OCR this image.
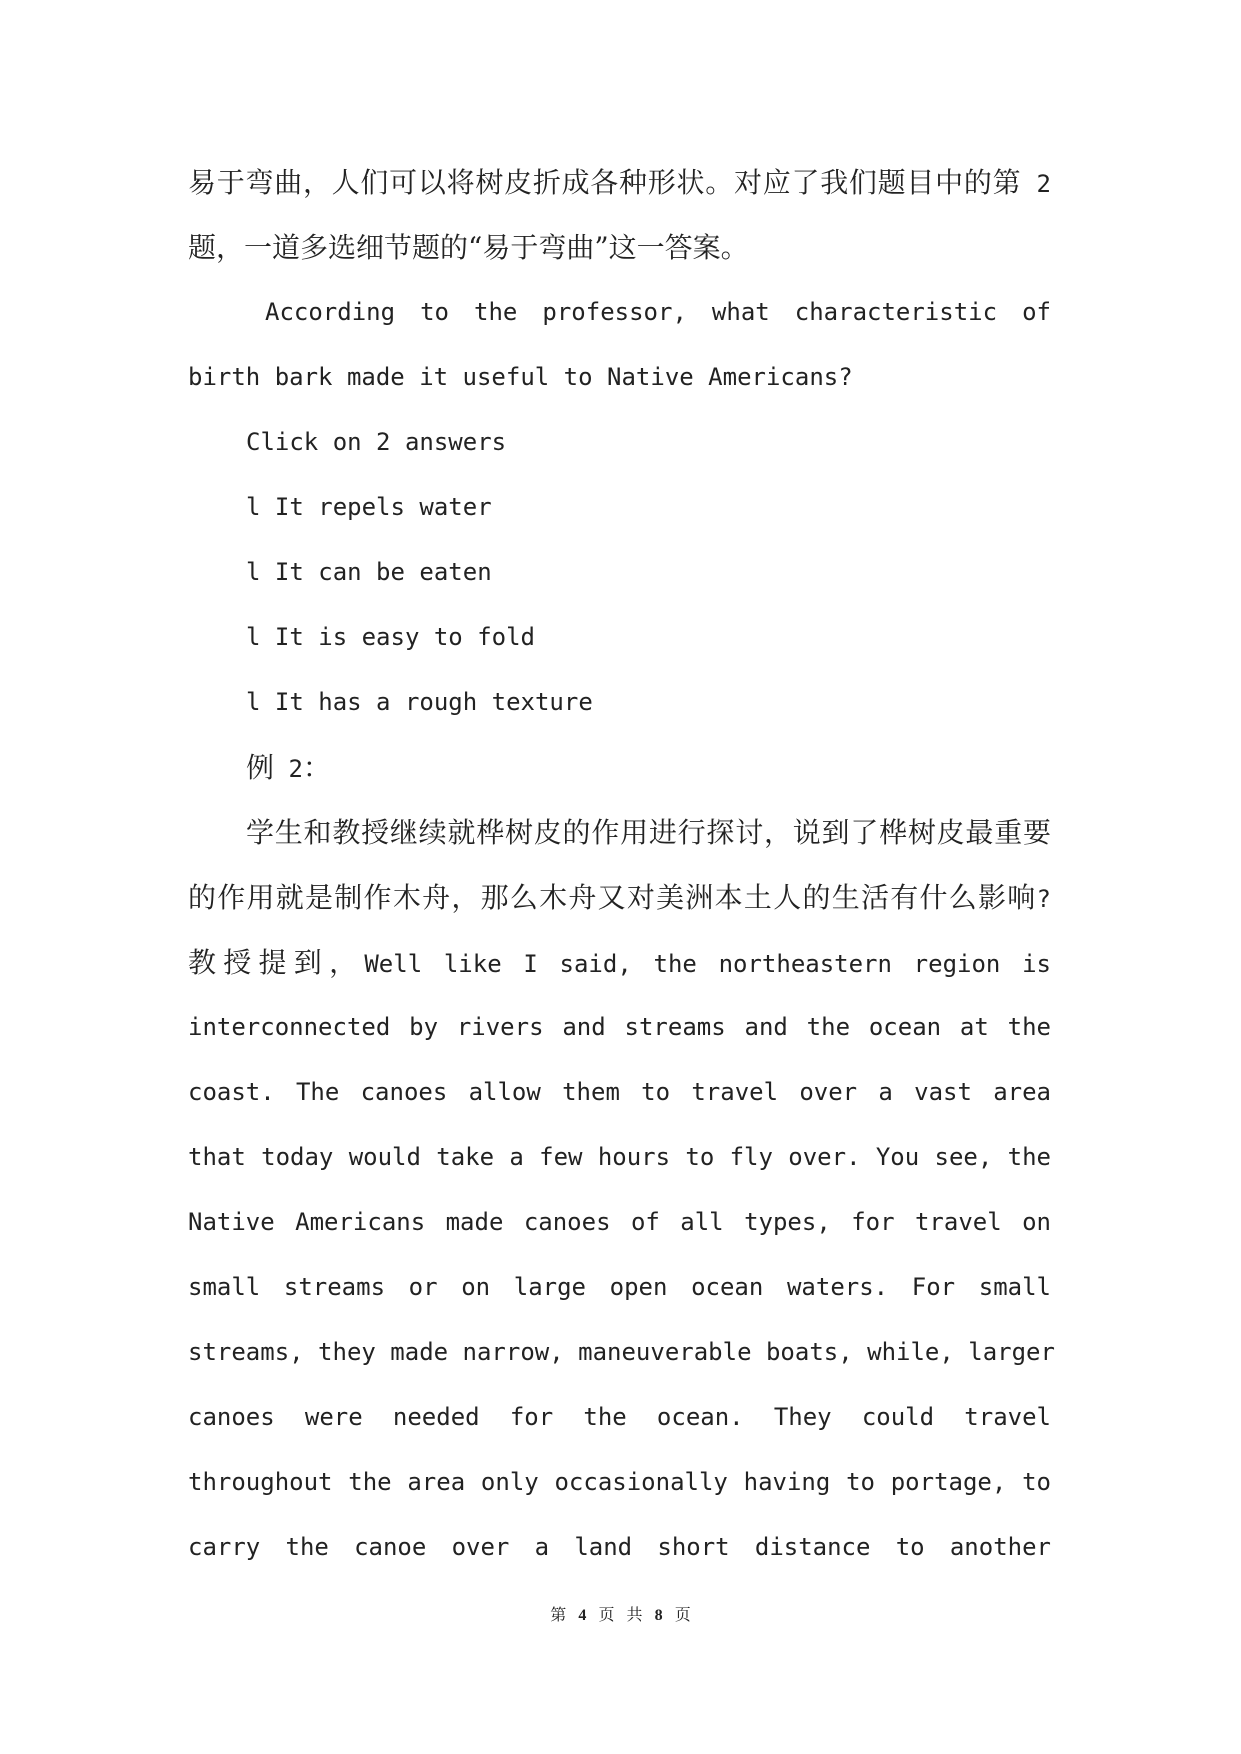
易于弯曲，人们可以将树皮折成各种形状。对应了我们题目中的第 2
题，一道多选细节题的“易于弯曲”这一答案。
According to the professor, what characteristic of
birth bark made it useful to Native Americans?
Click on 2 answers
l It repels water
l It can be eaten
l It is easy to fold
l It has a rough texture
例 2：
学生和教授继续就桦树皮的作用进行探讨，说到了桦树皮最重要
的作用就是制作木舟，那么木舟又对美洲本土人的生活有什么影响?
教授提到，Well like I said, the northeastern region is
interconnected by rivers and streams and the ocean at the
coast. The canoes allow them to travel over a vast area
that today would take a few hours to fly over. You see, the
Native Americans made canoes of all types, for travel on
small streams or on large open ocean waters. For small
streams, they made narrow, maneuverable boats, while, larger
canoes were needed for the ocean. They could travel
throughout the area only occasionally having to portage, to
carry the canoe over a land short distance to another
第 4 页 共 8 页
